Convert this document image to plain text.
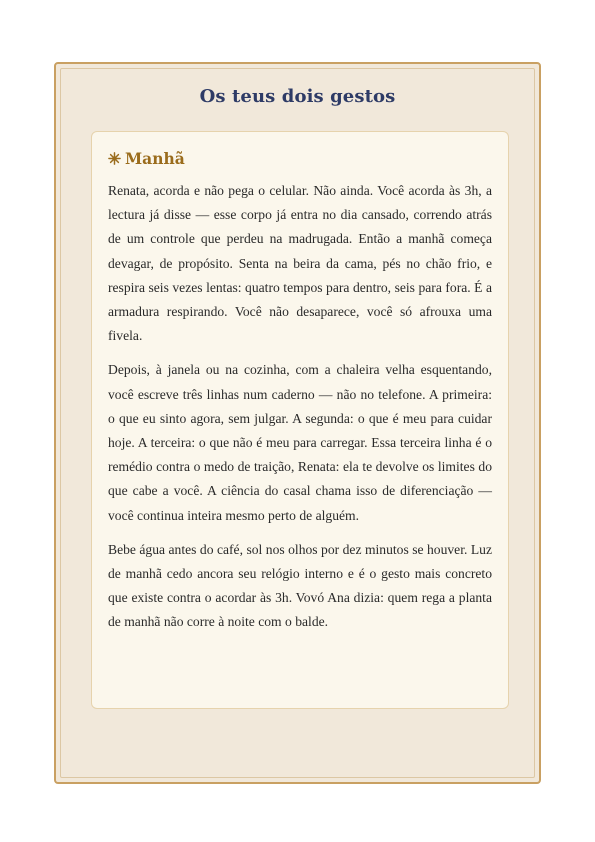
Os teus dois gestos
Manhã

Renata, acorda e não pega o celular. Não ainda. Você acorda às 3h, a lectura já disse — esse corpo já entra no dia cansado, correndo atrás de um controle que perdeu na madrugada. Então a manhã começa devagar, de propósito. Senta na beira da cama, pés no chão frio, e respira seis vezes lentas: quatro tempos para dentro, seis para fora. É a armadura respirando. Você não desaparece, você só afrouxa uma fivela.

Depois, à janela ou na cozinha, com a chaleira velha esquentando, você escreve três linhas num caderno — não no telefone. A primeira: o que eu sinto agora, sem julgar. A segunda: o que é meu para cuidar hoje. A terceira: o que não é meu para carregar. Essa terceira linha é o remédio contra o medo de traição, Renata: ela te devolve os limites do que cabe a você. A ciência do casal chama isso de diferenciação — você continua inteira mesmo perto de alguém.

Bebe água antes do café, sol nos olhos por dez minutos se houver. Luz de manhã cedo ancora seu relógio interno e é o gesto mais concreto que existe contra o acordar às 3h. Vovó Ana dizia: quem rega a planta de manhã não corre à noite com o balde.
